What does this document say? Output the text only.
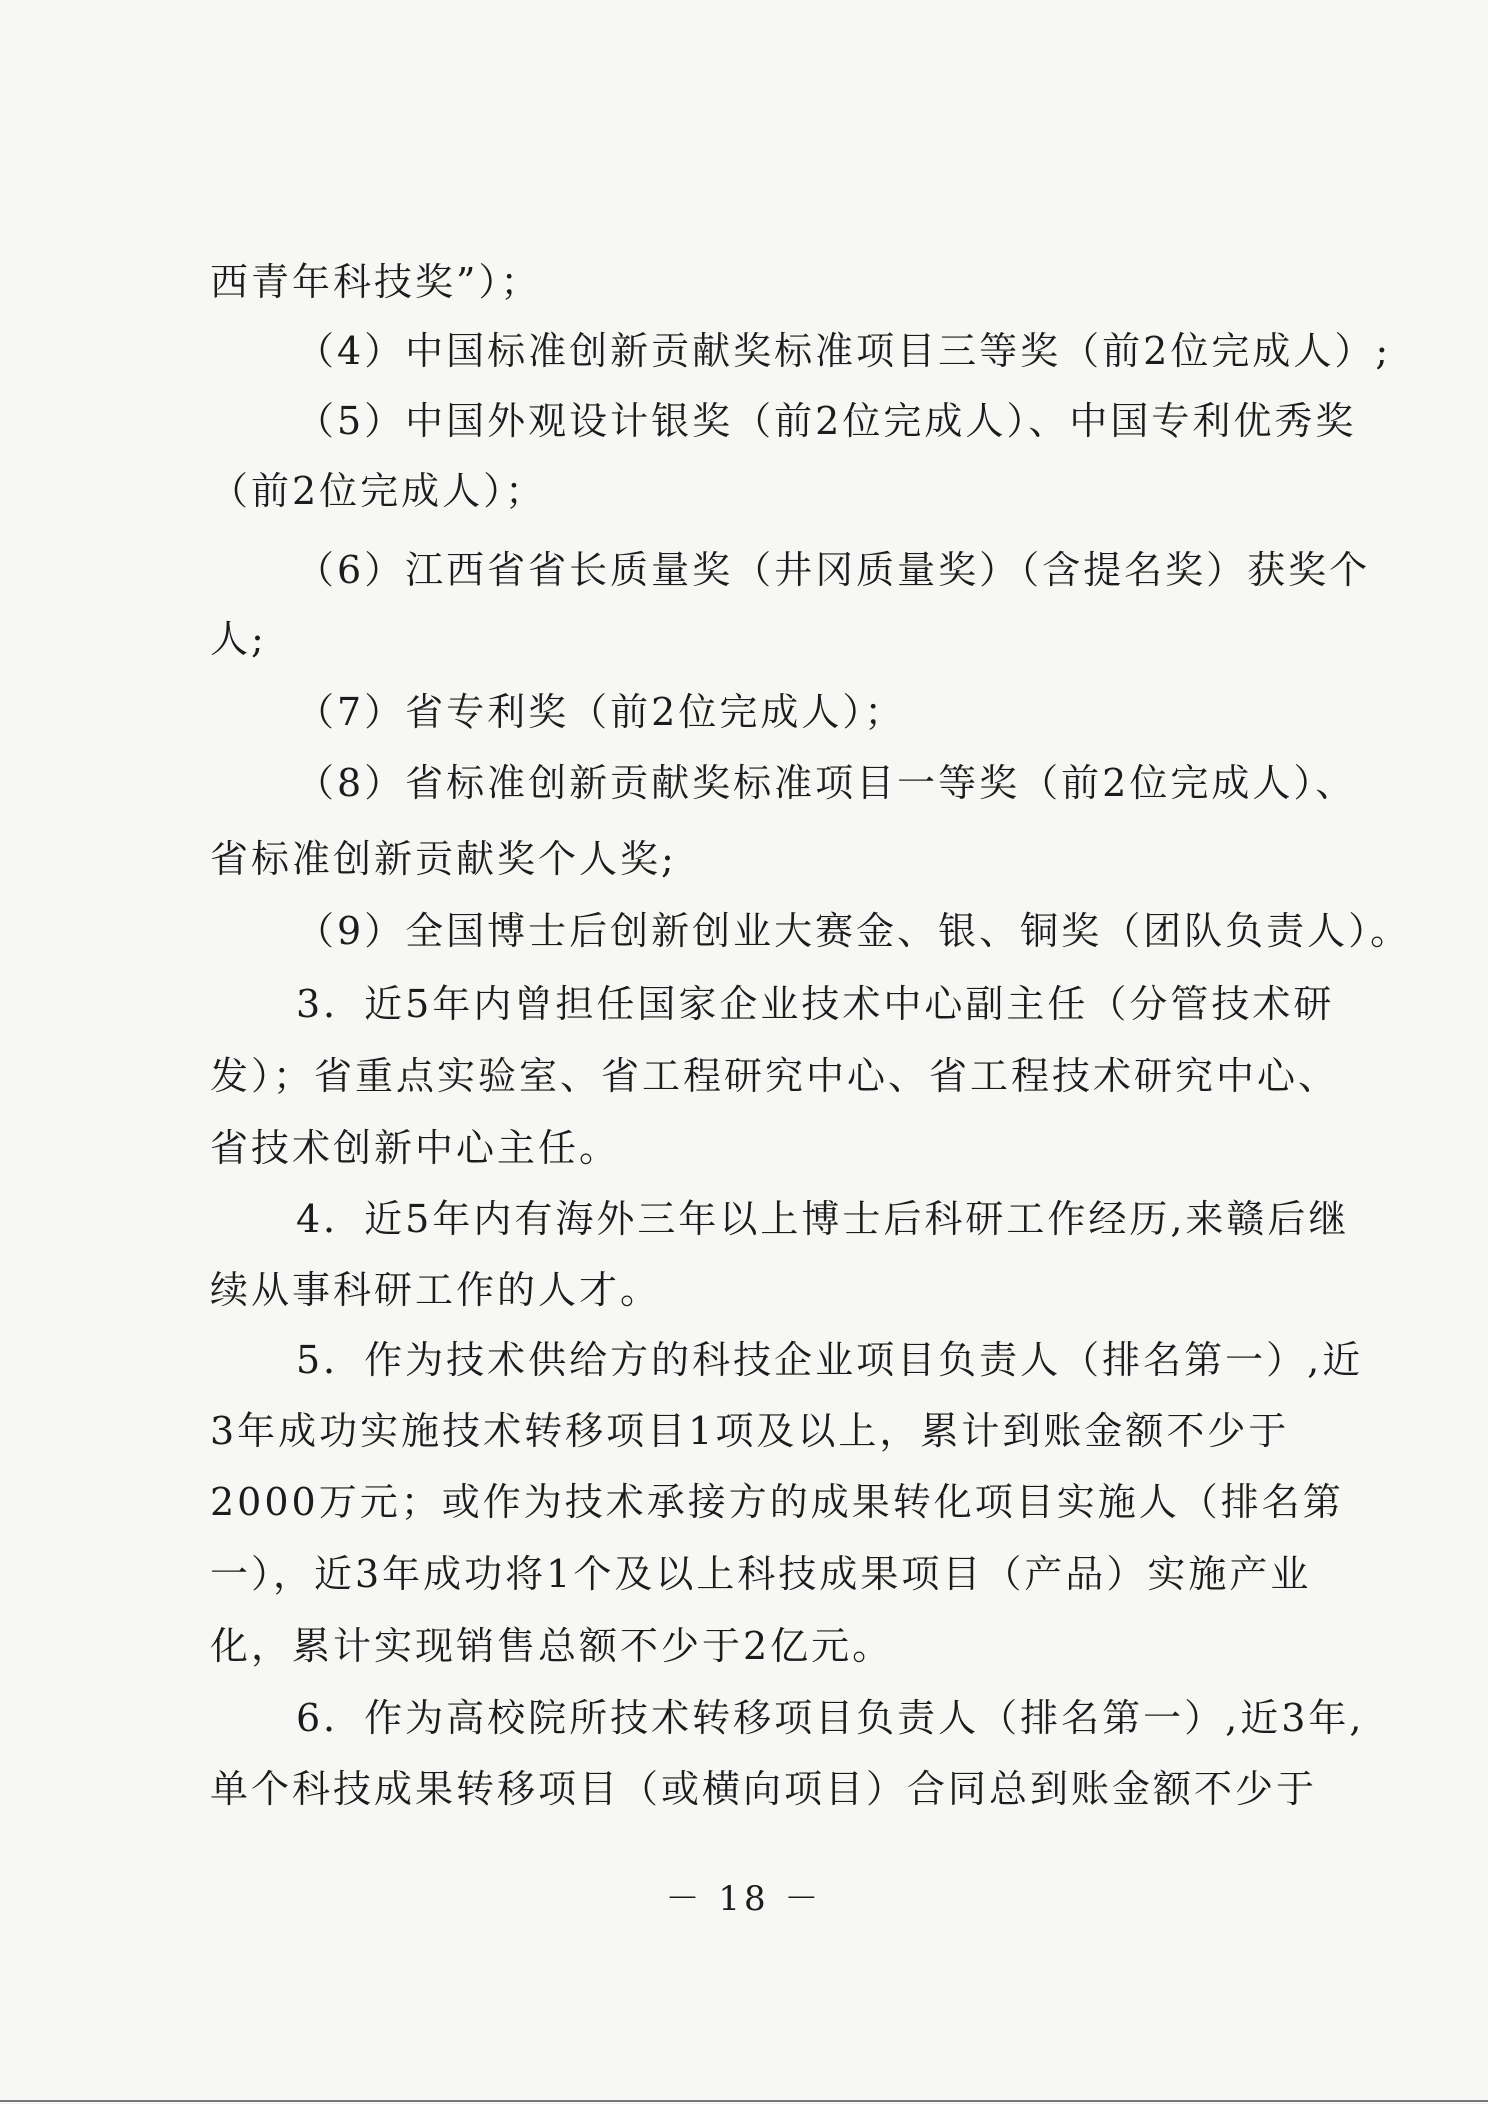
西青年科技奖”）；
（4）中国标准创新贡献奖标准项目三等奖（前2位完成人）;
（5）中国外观设计银奖（前2位完成人）、中国专利优秀奖
（前2位完成人）；
（6）江西省省长质量奖（井冈质量奖）（含提名奖）获奖个
人;
（7）省专利奖（前2位完成人）；
（8）省标准创新贡献奖标准项目一等奖（前2位完成人）、
省标准创新贡献奖个人奖;
（9）全国博士后创新创业大赛金、银、铜奖（团队负责人）。
3．近5年内曾担任国家企业技术中心副主任（分管技术研
发）；省重点实验室、省工程研究中心、省工程技术研究中心、
省技术创新中心主任。
4．近5年内有海外三年以上博士后科研工作经历,来赣后继
续从事科研工作的人才。
5．作为技术供给方的科技企业项目负责人（排名第一）,近
3年成功实施技术转移项目1项及以上，累计到账金额不少于
2000万元；或作为技术承接方的成果转化项目实施人（排名第
一），近3年成功将1个及以上科技成果项目（产品）实施产业
化，累计实现销售总额不少于2亿元。
6．作为高校院所技术转移项目负责人（排名第一）,近3年,
单个科技成果转移项目（或横向项目）合同总到账金额不少于
－ 18 －
